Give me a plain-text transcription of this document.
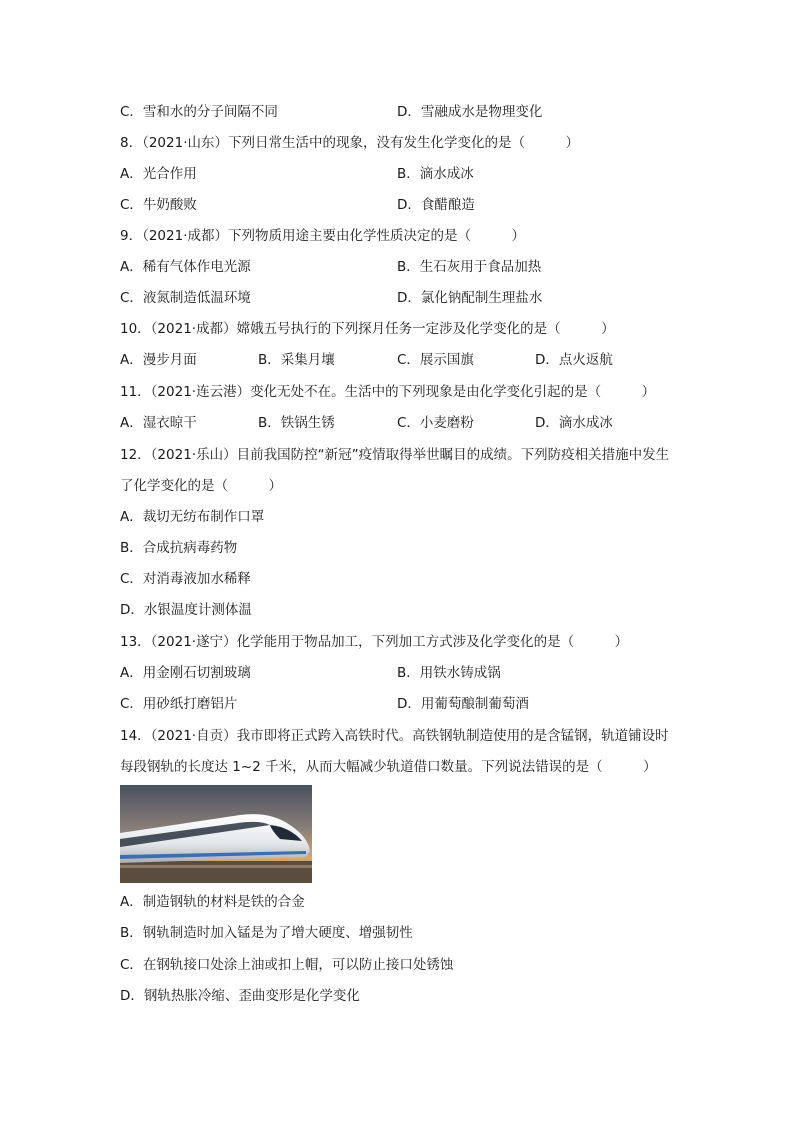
C．雪和水的分子间隔不同	D．雪融成水是物理变化
8．（2021·山东）下列日常生活中的现象，没有发生化学变化的是（　　　）
A．光合作用	B．滴水成冰
C．牛奶酸败	D．食醋酿造
9．（2021·成都）下列物质用途主要由化学性质决定的是（　　　）
A．稀有气体作电光源	B．生石灰用于食品加热
C．液氮制造低温环境	D．氯化钠配制生理盐水
10．（2021·成都）嫦娥五号执行的下列探月任务一定涉及化学变化的是（　　　）
A．漫步月面	B．采集月壤	C．展示国旗	D．点火返航
11．（2021·连云港）变化无处不在。生活中的下列现象是由化学变化引起的是（　　　）
A．湿衣晾干	B．铁锅生锈	C．小麦磨粉	D．滴水成冰
12．（2021·乐山）目前我国防控“新冠”疫情取得举世瞩目的成绩。下列防疫相关措施中发生
了化学变化的是（　　　）
A．裁切无纺布制作口罩
B．合成抗病毒药物
C．对消毒液加水稀释
D．水银温度计测体温
13．（2021·遂宁）化学能用于物品加工，下列加工方式涉及化学变化的是（　　　）
A．用金刚石切割玻璃	B．用铁水铸成锅
C．用砂纸打磨铝片	D．用葡萄酿制葡萄酒
14．（2021·自贡）我市即将正式跨入高铁时代。高铁钢轨制造使用的是含锰钢，轨道铺设时
每段钢轨的长度达 1~2 千米，从而大幅减少轨道借口数量。下列说法错误的是（　　　）
A．制造钢轨的材料是铁的合金
B．钢轨制造时加入锰是为了增大硬度、增强韧性
C．在钢轨接口处涂上油或扣上帽，可以防止接口处锈蚀
D．钢轨热胀冷缩、歪曲变形是化学变化
